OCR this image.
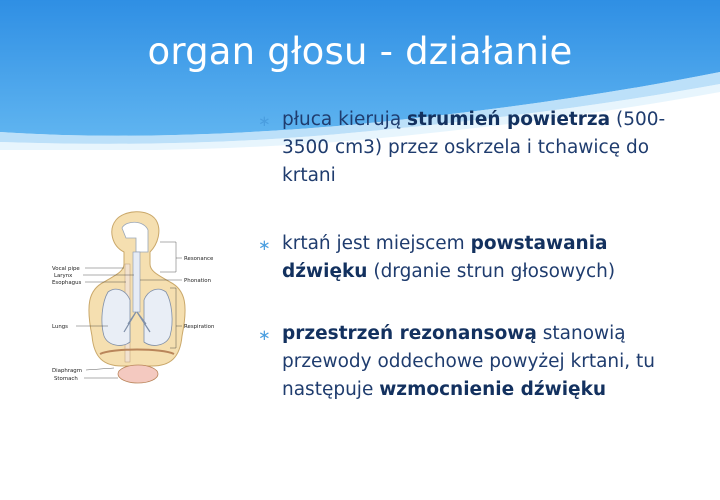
organ głosu - działanie
Vocal pipe
Larynx
Esophagus
Lungs
Diaphragm
Stomach
Resonance
Phonation
Respiration
∗ płuca kierują strumień powietrza (500-3500 cm3) przez oskrzela i tchawicę do krtani
∗ krtań jest miejscem powstawania dźwięku (drganie strun głosowych)
∗ przestrzeń rezonansową stanowią przewody oddechowe powyżej krtani, tu następuje wzmocnienie dźwięku
